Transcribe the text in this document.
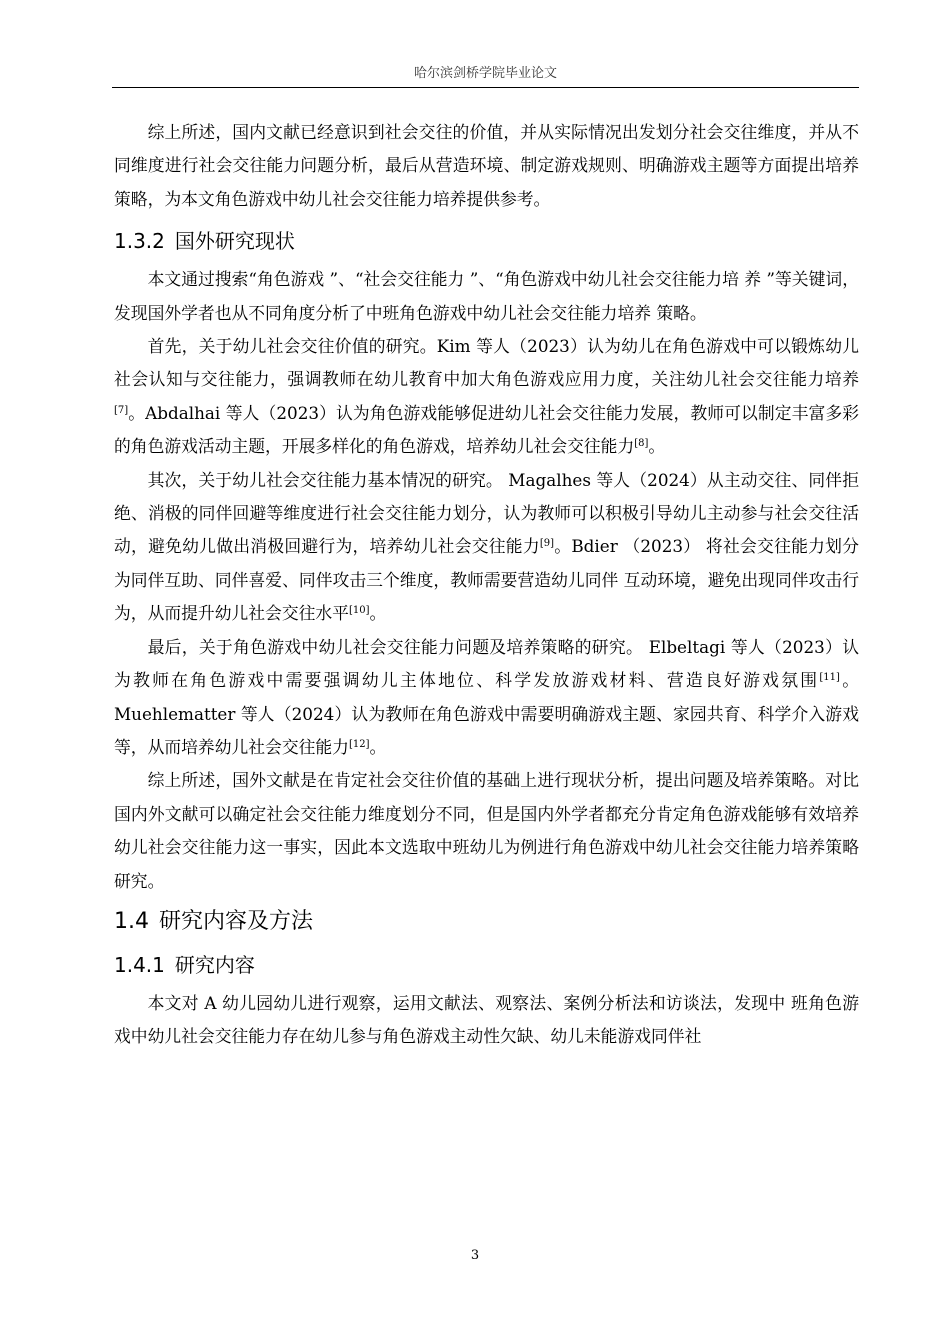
哈尔滨剑桥学院毕业论文

综上所述，国内文献已经意识到社会交往的价值，并从实际情况出发划分社会交往维度，并从不同维度进行社会交往能力问题分析，最后从营造环境、制定游戏规则、明确游戏主题等方面提出培养策略，为本文角色游戏中幼儿社会交往能力培养提供参考。

1.3.2 国外研究现状

本文通过搜索“角色游戏 ”、“社会交往能力 ”、“角色游戏中幼儿社会交往能力培 养 ”等关键词，发现国外学者也从不同角度分析了中班角色游戏中幼儿社会交往能力培养 策略。

首先，关于幼儿社会交往价值的研究。Kim 等人（2023）认为幼儿在角色游戏中可以锻炼幼儿社会认知与交往能力，强调教师在幼儿教育中加大角色游戏应用力度，关注幼儿社会交往能力培养[7]。Abdalhai 等人（2023）认为角色游戏能够促进幼儿社会交往能力发展，教师可以制定丰富多彩的角色游戏活动主题，开展多样化的角色游戏，培养幼儿社会交往能力[8]。

其次，关于幼儿社会交往能力基本情况的研究。 Magalhes 等人（2024）从主动交往、同伴拒绝、消极的同伴回避等维度进行社会交往能力划分，认为教师可以积极引导幼儿主动参与社会交往活动，避免幼儿做出消极回避行为，培养幼儿社会交往能力[9]。Bdier （2023） 将社会交往能力划分为同伴互助、同伴喜爱、同伴攻击三个维度，教师需要营造幼儿同伴 互动环境，避免出现同伴攻击行为，从而提升幼儿社会交往水平[10]。

最后，关于角色游戏中幼儿社会交往能力问题及培养策略的研究。 Elbeltagi 等人（2023）认为教师在角色游戏中需要强调幼儿主体地位、科学发放游戏材料、营造良好游戏氛围[11]。Muehlematter 等人（2024）认为教师在角色游戏中需要明确游戏主题、家园共育、科学介入游戏等，从而培养幼儿社会交往能力[12]。

综上所述，国外文献是在肯定社会交往价值的基础上进行现状分析，提出问题及培养策略。对比国内外文献可以确定社会交往能力维度划分不同，但是国内外学者都充分肯定角色游戏能够有效培养幼儿社会交往能力这一事实，因此本文选取中班幼儿为例进行角色游戏中幼儿社会交往能力培养策略研究。

1.4 研究内容及方法
1.4.1 研究内容

本文对 A 幼儿园幼儿进行观察，运用文献法、观察法、案例分析法和访谈法，发现中 班角色游戏中幼儿社会交往能力存在幼儿参与角色游戏主动性欠缺、幼儿未能游戏同伴社

3
